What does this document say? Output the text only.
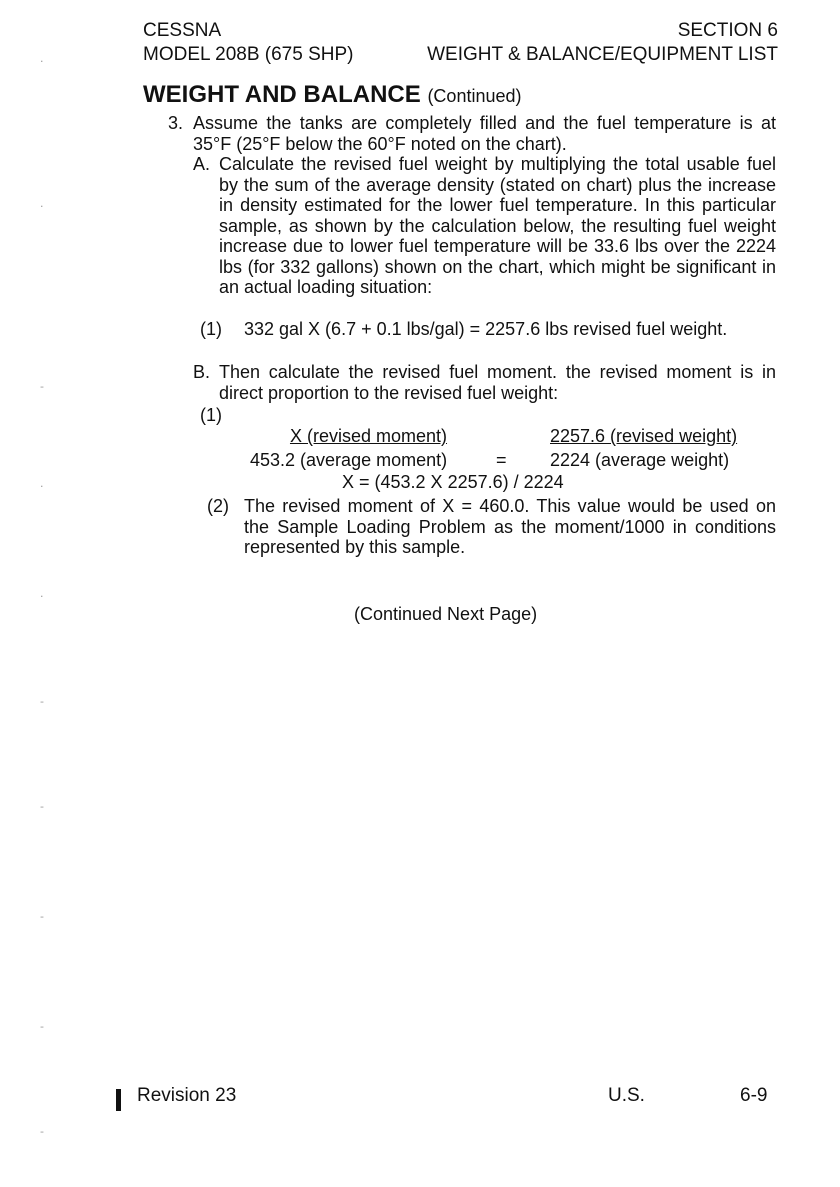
CESSNA
MODEL 208B (675 SHP)
SECTION 6
WEIGHT & BALANCE/EQUIPMENT LIST
WEIGHT AND BALANCE (Continued)
3. Assume the tanks are completely filled and the fuel temperature is at 35°F (25°F below the 60°F noted on the chart).
A. Calculate the revised fuel weight by multiplying the total usable fuel by the sum of the average density (stated on chart) plus the increase in density estimated for the lower fuel temperature. In this particular sample, as shown by the calculation below, the resulting fuel weight increase due to lower fuel temperature will be 33.6 lbs over the 2224 lbs (for 332 gallons) shown on the chart, which might be significant in an actual loading situation:
(1) 332 gal X (6.7 + 0.1 lbs/gal) = 2257.6 lbs revised fuel weight.
B. Then calculate the revised fuel moment. the revised moment is in direct proportion to the revised fuel weight:
(1)
X (revised moment)	2257.6 (revised weight)
453.2 (average moment)	= 2224 (average weight)
X = (453.2 X 2257.6) / 2224
(2) The revised moment of X = 460.0. This value would be used on the Sample Loading Problem as the moment/1000 in conditions represented by this sample.
(Continued Next Page)
Revision 23	U.S.	6-9
·
·
-
·
·
-
-
-
-
-
